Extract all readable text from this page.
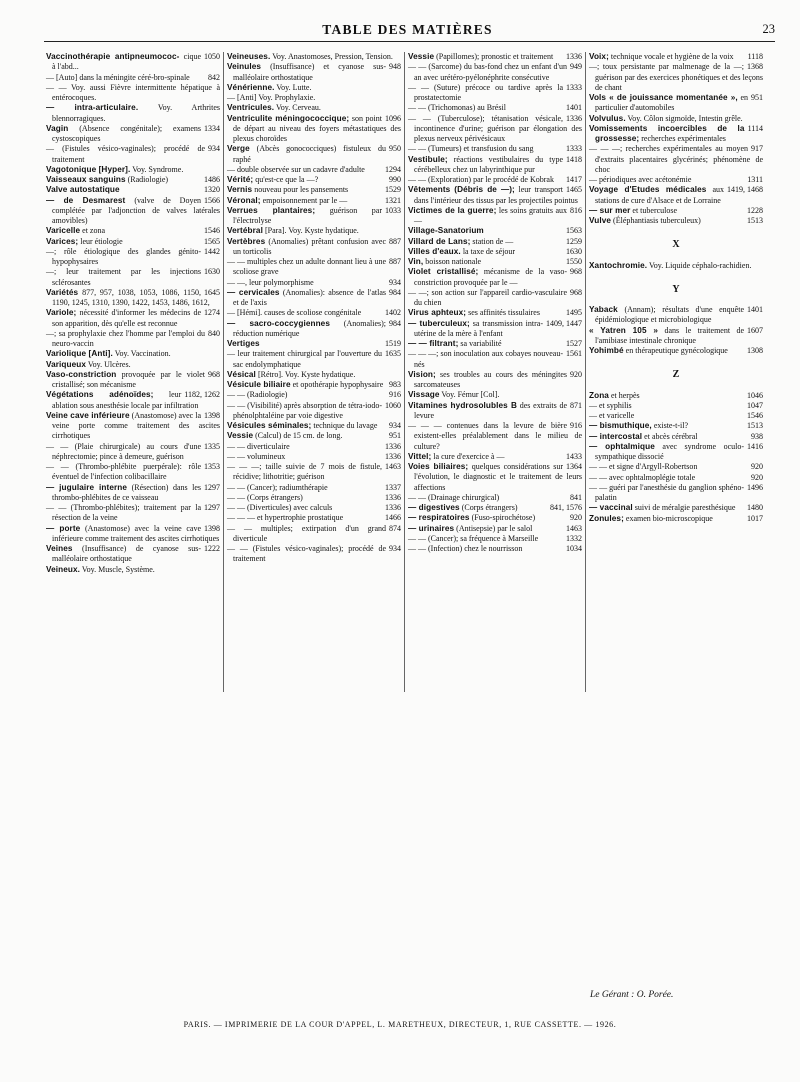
TABLE DES MATIÈRES	23

1050
Vaccinothérapie antipneumococ- cique à l'abd...

842
— [Auto] dans la méningite céré-bro-spinale

— — Voy. aussi Fièvre intermittente hépatique à entérocoques.

— intra-articulaire. Voy. Arthrites blennorragiques.

1334
Vagin (Absence congénitale); examens cystoscopiques

934
— (Fistules vésico-vaginales); procédé de traitement

Vagotonique [Hyper]. Voy. Syndrome.

1486
Vaisseaux sanguins (Radiologie)

1320
Valve autostatique

1566
— de Desmarest (valve de Doyen complétée par l'adjonction de valves latérales amovibles)

1546
Varicelle et zona

1565
Varices; leur étiologie

1442
—; rôle étiologique des glandes génito-hypophysaires

1630
—; leur traitement par les injections sclérosantes

1645
Variétés 877, 957, 1038, 1053, 1086, 1150, 1190, 1245, 1310, 1390, 1422, 1453, 1486, 1612,

1274
Variole; nécessité d'informer les médecins de son apparition, dès qu'elle est reconnue

840
—; sa prophylaxie chez l'homme par l'emploi du neuro-vaccin

Variolique [Anti]. Voy. Vaccination.

Variqueux Voy. Ulcères.

968
Vaso-constriction provoquée par le violet cristallisé; son mécanisme

1182, 1262
Végétations adénoïdes; leur ablation sous anesthésie locale par infiltration

1398
Veine cave inférieure (Anastomose) avec la veine porte comme traitement des ascites cirrhotiques

1335
— — (Plaie chirurgicale) au cours d'une néphrectomie; pince à demeure, guérison

1353
— — (Thrombo-phlébite puerpérale): rôle éventuel de l'infection colibacillaire

1297
— jugulaire interne (Résection) dans les thrombo-phlébites de ce vaisseau

1297
— — (Thrombo-phlébites); traitement par la résection de la veine

1398
— porte (Anastomose) avec la veine cave inférieure comme traitement des ascites cirrhotiques

1222
Veines (Insuffisance) de cyanose sus-malléolaire orthostatique

Veineux. Voy. Muscle, Système.

Veineuses. Voy. Anastomoses, Pression, Tension.

948
Veinules (Insuffisance) et cyanose sus-malléolaire orthostatique

Vénérienne. Voy. Lutte.

— [Anti] Voy. Prophylaxie.

Ventricules. Voy. Cerveau.

1096
Ventriculite méningococcique; son point de départ au niveau des foyers métastatiques des plexus choroïdes

950
Verge (Abcès gonococciques) fistuleux du raphé

1294
— double observée sur un cadavre d'adulte

990
Vérité; qu'est-ce que la —?

1529
Vernis nouveau pour les pansements

1321
Véronal; empoisonnement par le —

1033
Verrues plantaires; guérison par l'électrolyse

Vertébral [Para]. Voy. Kyste hydatique.

887
Vertèbres (Anomalies) prêtant confusion avec un torticolis

887
— — multiples chez un adulte donnant lieu à une scoliose grave

934
— —, leur polymorphisme

984
— cervicales (Anomalies): absence de l'atlas et de l'axis

1402
— [Hémi]. causes de scoliose congénitale

984
— sacro-coccygiennes (Anomalies); réduction numérique

1519
Vertiges

1635
— leur traitement chirurgical par l'ouverture du sac endolymphatique

Vésical [Rétro]. Voy. Kyste hydatique.

983
Vésicule biliaire et opothérapie hypophysaire

916
— — (Radiologie)

1060
— — (Visibilité) après absorption de tétra-iodo-phénolphtaléine par voie digestive

934
Vésicules séminales; technique du lavage

951
Vessie (Calcul) de 15 cm. de long.

1336
— — diverticulaire

1336
— — volumineux

1463
— — —; taille suivie de 7 mois de fistule, récidive; lithotritie; guérison

1337
— — (Cancer); radiumthérapie

1336
— — (Corps étrangers)

1336
— — (Diverticules) avec calculs

1466
— — — et hypertrophie prostatique

874
— — multiples; extirpation d'un grand diverticule

934
— — (Fistules vésico-vaginales); procédé de traitement

1336
Vessie (Papillomes); pronostic et traitement

949
— — (Sarcome) du bas-fond chez un enfant d'un an avec urétéro-pyélonéphrite consécutive

1333
— — (Suture) précoce ou tardive après la prostatectomie

1401
— — (Trichomonas) au Brésil

1336
— — (Tuberculose); tétanisation vésicale, incontinence d'urine; guérison par élongation des plexus nerveux périvésicaux

1333
— — (Tumeurs) et transfusion du sang

1418
Vestibule; réactions vestibulaires du type cérébelleux chez un labyrinthique pur

1417
— — (Exploration) par le procédé de Kobrak

1465
Vêtements (Débris de —); leur transport dans l'intérieur des tissus par les projectiles pointus

816
Victimes de la guerre; les soins gratuits aux —

1563
Village-Sanatorium

1259
Villard de Lans; station de —

1630
Villes d'eaux. la taxe de séjour

1550
Vin, boisson nationale

968
Violet cristallisé; mécanisme de la vaso-constriction provoquée par le —

968
— —; son action sur l'appareil cardio-vasculaire du chien

1495
Virus aphteux; ses affinités tissulaires

1409, 1447
— tuberculeux; sa transmission intra-utérine de la mère à l'enfant

1527
— — filtrant; sa variabilité

1561
— — —; son inoculation aux cobayes nouveau-nés

920
Vision; ses troubles au cours des méningites sarcomateuses

Vissage Voy. Fémur [Col].

871
Vitamines hydrosolubles B des extraits de levure

916
— — — contenues dans la levure de bière existent-elles préalablement dans le milieu de culture?

1433
Vittel; la cure d'exercice à —

1364
Voies biliaires; quelques considérations sur l'évolution, le diagnostic et le traitement de leurs affections

841
— — (Drainage chirurgical)

841, 1576
— digestives (Corps étrangers)

920
— respiratoires (Fuso-spirochétose)

1463
— urinaires (Antisepsie) par le salol

1332
— — (Cancer); sa fréquence à Marseille

1034
— — (Infection) chez le nourrisson

1118
Voix; technique vocale et hygiène de la voix

1368
—; toux persistante par malmenage de la —; guérison par des exercices phonétiques et des leçons de chant

951
Vols « de jouissance momentanée », en particulier d'automobiles

Volvulus. Voy. Côlon sigmoïde, Intestin grêle.

1114
Vomissements incoercibles de la grossesse; recherches expérimentales

917
— — —; recherches expérimentales au moyen d'extraits placentaires glycérinés; phénomène de choc

1311
— périodiques avec acétonémie

1419, 1468
Voyage d'Etudes médicales aux stations de cure d'Alsace et de Lorraine

1228
— sur mer et tuberculose

1513
Vulve (Éléphantiasis tuberculeux)

X

Xantochromie. Voy. Liquide céphalo-rachidien.

Y

1401
Yaback (Annam); résultats d'une enquête épidémiologique et microbiologique

1607
« Yatren 105 » dans le traitement de l'amibiase intestinale chronique

1308
Yohimbé en thérapeutique gynécologique

Z

1046
Zona et herpès

1047
— et syphilis

1546
— et varicelle

1513
— bismuthique, existe-t-il?

938
— intercostal et abcès cérébral

1416
— ophtalmique avec syndrome oculo-sympathique dissocié

920
— — et signe d'Argyll-Robertson

920
— — avec ophtalmoplégie totale

1496
— — guéri par l'anesthésie du ganglion sphéno-palatin

1480
— vaccinal suivi de méralgie paresthésique

1017
Zonules; examen bio-microscopique

Le Gérant : O. Porée.
PARIS. — IMPRIMERIE DE LA COUR D'APPEL, L. MARETHEUX, DIRECTEUR, 1, RUE CASSETTE. — 1926.
